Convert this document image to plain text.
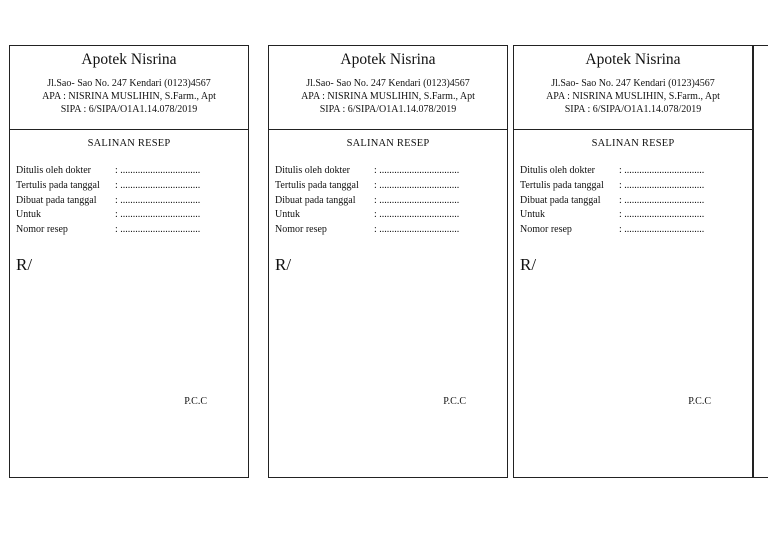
Apotek Nisrina
Jl.Sao- Sao No. 247 Kendari (0123)4567
APA : NISRINA MUSLIHIN, S.Farm., Apt
SIPA : 6/SIPA/O1A1.14.078/2019
SALINAN RESEP
Ditulis oleh dokter	: ................................
Tertulis pada tanggal	: ................................
Dibuat pada tanggal	: ................................
Untuk	: ................................
Nomor resep	: ................................
R/
P.C.C
Apotek Nisrina
Jl.Sao- Sao No. 247 Kendari (0123)4567
APA : NISRINA MUSLIHIN, S.Farm., Apt
SIPA : 6/SIPA/O1A1.14.078/2019
SALINAN RESEP
Ditulis oleh dokter	: ................................
Tertulis pada tanggal	: ................................
Dibuat pada tanggal	: ................................
Untuk	: ................................
Nomor resep	: ................................
R/
P.C.C
Apotek Nisrina
Jl.Sao- Sao No. 247 Kendari (0123)4567
APA : NISRINA MUSLIHIN, S.Farm., Apt
SIPA : 6/SIPA/O1A1.14.078/2019
SALINAN RESEP
Ditulis oleh dokter	: ................................
Tertulis pada tanggal	: ................................
Dibuat pada tanggal	: ................................
Untuk	: ................................
Nomor resep	: ................................
R/
P.C.C
